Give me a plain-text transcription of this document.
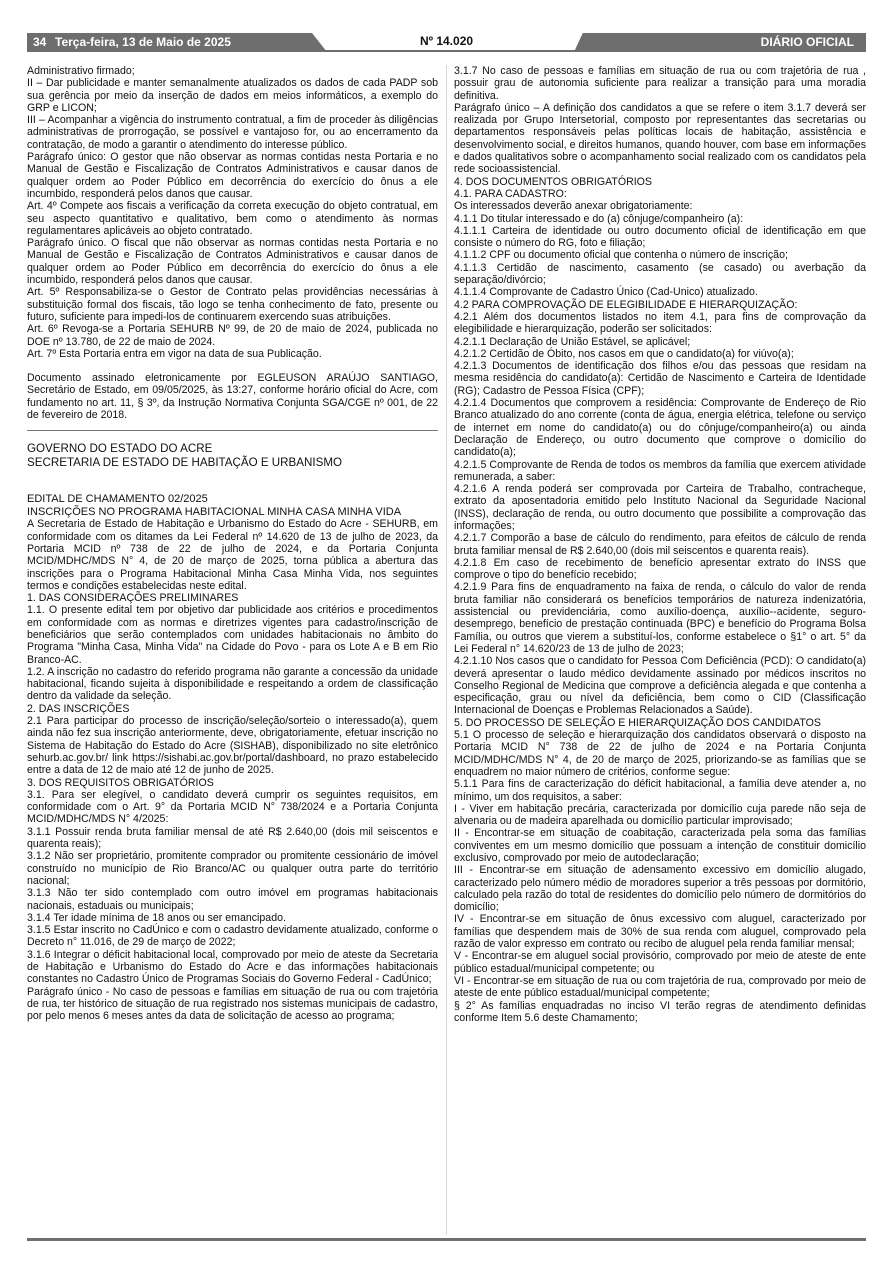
34 Terça-feira, 13 de Maio de 2025	Nº 14.020	DIÁRIO OFICIAL

Administrativo firmado;

II – Dar publicidade e manter semanalmente atualizados os dados de cada PADP sob sua gerência por meio da inserção de dados em meios informáticos, a exemplo do GRP e LICON;

III – Acompanhar a vigência do instrumento contratual, a fim de proceder às diligências administrativas de prorrogação, se possível e vantajoso for, ou ao encerramento da contratação, de modo a garantir o atendimento do interesse público.

Parágrafo único: O gestor que não observar as normas contidas nesta Portaria e no Manual de Gestão e Fiscalização de Contratos Administrativos e causar danos de qualquer ordem ao Poder Público em decorrência do exercício do ônus a ele incumbido, responderá pelos danos que causar.

Art. 4º Compete aos fiscais a verificação da correta execução do objeto contratual, em seu aspecto quantitativo e qualitativo, bem como o atendimento às normas regulamentares aplicáveis ao objeto contratado.

Parágrafo único. O fiscal que não observar as normas contidas nesta Portaria e no Manual de Gestão e Fiscalização de Contratos Administrativos e causar danos de qualquer ordem ao Poder Público em decorrência do exercício do ônus a ele incumbido, responderá pelos danos que causar.

Art. 5º Responsabiliza-se o Gestor de Contrato pelas providências necessárias à substituição formal dos fiscais, tão logo se tenha conhecimento de fato, presente ou futuro, suficiente para impedi-los de continuarem exercendo suas atribuições.

Art. 6º Revoga-se a Portaria SEHURB Nº 99, de 20 de maio de 2024, publicada no DOE nº 13.780, de 22 de maio de 2024.

Art. 7º Esta Portaria entra em vigor na data de sua Publicação.

Documento assinado eletronicamente por EGLEUSON ARAÚJO SANTIAGO, Secretário de Estado, em 09/05/2025, às 13:27, conforme horário oficial do Acre, com fundamento no art. 11, § 3º, da Instrução Normativa Conjunta SGA/CGE nº 001, de 22 de fevereiro de 2018.

GOVERNO DO ESTADO DO ACRE

SECRETARIA DE ESTADO DE HABITAÇÃO E URBANISMO

EDITAL DE CHAMAMENTO 02/2025

INSCRIÇÕES NO PROGRAMA HABITACIONAL MINHA CASA MINHA VIDA

A Secretaria de Estado de Habitação e Urbanismo do Estado do Acre - SEHURB, em conformidade com os ditames da Lei Federal nº 14.620 de 13 de julho de 2023, da Portaria MCID nº 738 de 22 de julho de 2024, e da Portaria Conjunta MCID/MDHC/MDS N° 4, de 20 de março de 2025, torna pública a abertura das inscrições para o Programa Habitacional Minha Casa Minha Vida, nos seguintes termos e condições estabelecidas neste edital.

1. DAS CONSIDERAÇÕES PRELIMINARES

1.1. O presente edital tem por objetivo dar publicidade aos critérios e procedimentos em conformidade com as normas e diretrizes vigentes para cadastro/inscrição de beneficiários que serão contemplados com unidades habitacionais no âmbito do Programa "Minha Casa, Minha Vida" na Cidade do Povo - para os Lote A e B em Rio Branco-AC.

1.2. A inscrição no cadastro do referido programa não garante a concessão da unidade habitacional, ficando sujeita à disponibilidade e respeitando a ordem de classificação dentro da validade da seleção.

2. DAS INSCRIÇÕES

2.1 Para participar do processo de inscrição/seleção/sorteio o interessado(a), quem ainda não fez sua inscrição anteriormente, deve, obrigatoriamente, efetuar inscrição no Sistema de Habitação do Estado do Acre (SISHAB), disponibilizado no site eletrônico sehurb.ac.gov.br/ link https://sishabi.ac.gov.br/portal/dashboard, no prazo estabelecido entre a data de 12 de maio até 12 de junho de 2025.

3. DOS REQUISITOS OBRIGATÓRIOS

3.1. Para ser elegível, o candidato deverá cumprir os seguintes requisitos, em conformidade com o Art. 9° da Portaria MCID N° 738/2024 e a Portaria Conjunta MCID/MDHC/MDS N° 4/2025:

3.1.1 Possuir renda bruta familiar mensal de até R$ 2.640,00 (dois mil seiscentos e quarenta reais);

3.1.2 Não ser proprietário, promitente comprador ou promitente cessionário de imóvel construído no município de Rio Branco/AC ou qualquer outra parte do território nacional;

3.1.3 Não ter sido contemplado com outro imóvel em programas habitacionais nacionais, estaduais ou municipais;

3.1.4 Ter idade mínima de 18 anos ou ser emancipado.

3.1.5 Estar inscrito no CadÚnico e com o cadastro devidamente atualizado, conforme o Decreto n° 11.016, de 29 de março de 2022;

3.1.6 Integrar o déficit habitacional local, comprovado por meio de ateste da Secretaria de Habitação e Urbanismo do Estado do Acre e das informações habitacionais constantes no Cadastro Único de Programas Sociais do Governo Federal - CadÚnico;

Parágrafo único - No caso de pessoas e famílias em situação de rua ou com trajetória de rua, ter histórico de situação de rua registrado nos sistemas municipais de cadastro, por pelo menos 6 meses antes da data de solicitação de acesso ao programa;

3.1.7 No caso de pessoas e famílias em situação de rua ou com trajetória de rua , possuir grau de autonomia suficiente para realizar a transição para uma moradia definitiva.

Parágrafo único – A definição dos candidatos a que se refere o item 3.1.7 deverá ser realizada por Grupo Intersetorial, composto por representantes das secretarias ou departamentos responsáveis pelas políticas locais de habitação, assistência e desenvolvimento social, e direitos humanos, quando houver, com base em informações e dados qualitativos sobre o acompanhamento social realizado com os candidatos pela rede socioassistencial.

4. DOS DOCUMENTOS OBRIGATÓRIOS

4.1. PARA CADASTRO:

Os interessados deverão anexar obrigatoriamente:

4.1.1 Do titular interessado e do (a) cônjuge/companheiro (a):

4.1.1.1 Carteira de identidade ou outro documento oficial de identificação em que consiste o número do RG, foto e filiação;

4.1.1.2 CPF ou documento oficial que contenha o número de inscrição;

4.1.1.3 Certidão de nascimento, casamento (se casado) ou averbação da separação/divórcio;

4.1.1.4 Comprovante de Cadastro Único (Cad-Unico) atualizado.

4.2 PARA COMPROVAÇÃO DE ELEGIBILIDADE E HIERARQUIZAÇÃO:

4.2.1 Além dos documentos listados no item 4.1, para fins de comprovação da elegibilidade e hierarquização, poderão ser solicitados:

4.2.1.1 Declaração de União Estável, se aplicável;

4.2.1.2 Certidão de Óbito, nos casos em que o candidato(a) for viúvo(a);

4.2.1.3 Documentos de identificação dos filhos e/ou das pessoas que residam na mesma residência do candidato(a): Certidão de Nascimento e Carteira de Identidade (RG); Cadastro de Pessoa Física (CPF);

4.2.1.4 Documentos que comprovem a residência: Comprovante de Endereço de Rio Branco atualizado do ano corrente (conta de água, energia elétrica, telefone ou serviço de internet em nome do candidato(a) ou do cônjuge/companheiro(a) ou ainda Declaração de Endereço, ou outro documento que comprove o domicílio do candidato(a);

4.2.1.5 Comprovante de Renda de todos os membros da família que exercem atividade remunerada, a saber:

4.2.1.6 A renda poderá ser comprovada por Carteira de Trabalho, contracheque, extrato da aposentadoria emitido pelo Instituto Nacional da Seguridade Nacional (INSS), declaração de renda, ou outro documento que possibilite a comprovação das informações;

4.2.1.7 Comporão a base de cálculo do rendimento, para efeitos de cálculo de renda bruta familiar mensal de R$ 2.640,00 (dois mil seiscentos e quarenta reais).

4.2.1.8 Em caso de recebimento de benefício apresentar extrato do INSS que comprove o tipo do benefício recebido;

4.2.1.9 Para fins de enquadramento na faixa de renda, o cálculo do valor de renda bruta familiar não considerará os benefícios temporários de natureza indenizatória, assistencial ou previdenciária, como auxílio-doença, auxílio--acidente, seguro-desemprego, benefício de prestação continuada (BPC) e benefício do Programa Bolsa Família, ou outros que vierem a substituí-los, conforme estabelece o §1° o art. 5° da Lei Federal n° 14.620/23 de 13 de julho de 2023;

4.2.1.10 Nos casos que o candidato for Pessoa Com Deficiência (PCD): O candidato(a) deverá apresentar o laudo médico devidamente assinado por médicos inscritos no Conselho Regional de Medicina que comprove a deficiência alegada e que contenha a especificação, grau ou nível da deficiência, bem como o CID (Classificação Internacional de Doenças e Problemas Relacionados a Saúde).

5. DO PROCESSO DE SELEÇÃO E HIERARQUIZAÇÃO DOS CANDIDATOS

5.1 O processo de seleção e hierarquização dos candidatos observará o disposto na Portaria MCID N° 738 de 22 de julho de 2024 e na Portaria Conjunta MCID/MDHC/MDS N° 4, de 20 de março de 2025, priorizando-se as famílias que se enquadrem no maior número de critérios, conforme segue:

5.1.1 Para fins de caracterização do déficit habitacional, a família deve atender a, no mínimo, um dos requisitos, a saber:

I - Viver em habitação precária, caracterizada por domicílio cuja parede não seja de alvenaria ou de madeira aparelhada ou domicílio particular improvisado;

II - Encontrar-se em situação de coabitação, caracterizada pela soma das famílias conviventes em um mesmo domicílio que possuam a intenção de constituir domicílio exclusivo, comprovado por meio de autodeclaração;

III - Encontrar-se em situação de adensamento excessivo em domicílio alugado, caracterizado pelo número médio de moradores superior a três pessoas por dormitório, calculado pela razão do total de residentes do domicílio pelo número de dormitórios do domicílio;

IV - Encontrar-se em situação de ônus excessivo com aluguel, caracterizado por famílias que despendem mais de 30% de sua renda com aluguel, comprovado pela razão de valor expresso em contrato ou recibo de aluguel pela renda familiar mensal;

V - Encontrar-se em aluguel social provisório, comprovado por meio de ateste de ente público estadual/municipal competente; ou

VI - Encontrar-se em situação de rua ou com trajetória de rua, comprovado por meio de ateste de ente público estadual/municipal competente;

§ 2° As famílias enquadradas no inciso VI terão regras de atendimento definidas conforme Item 5.6 deste Chamamento;
